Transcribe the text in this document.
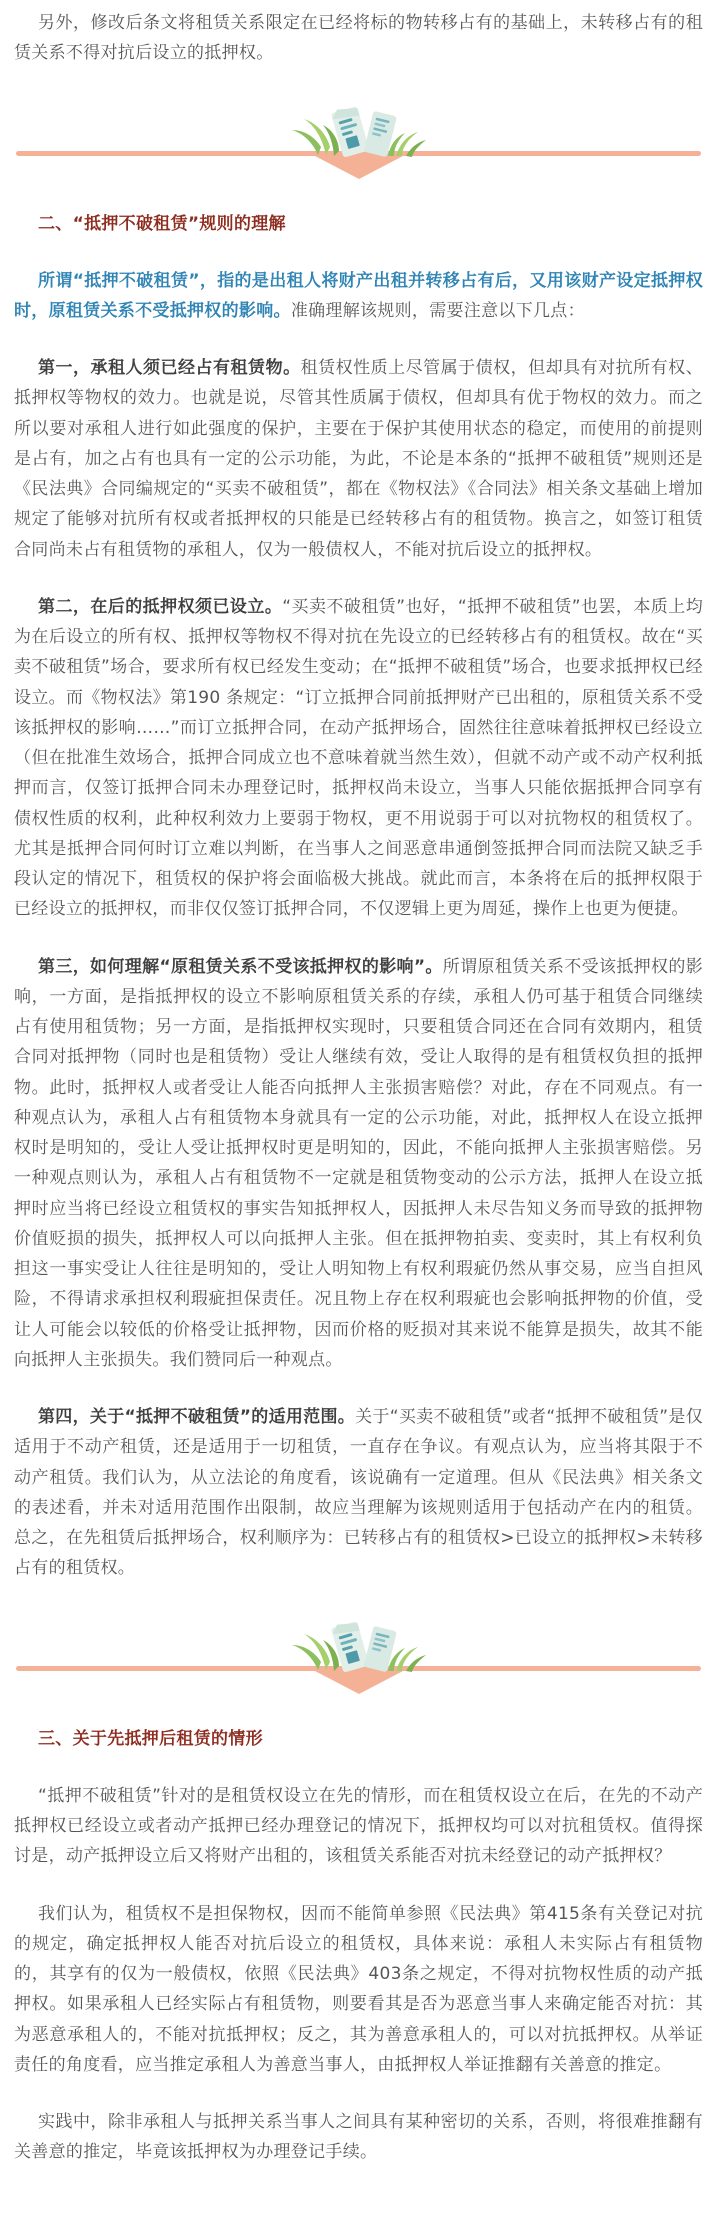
另外，修改后条文将租赁关系限定在已经将标的物转移占有的基础上，未转移占有的租赁关系不得对抗后设立的抵押权。

二、“抵押不破租赁”规则的理解

所谓“抵押不破租赁”，指的是出租人将财产出租并转移占有后，又用该财产设定抵押权时，原租赁关系不受抵押权的影响。准确理解该规则，需要注意以下几点：

第一，承租人须已经占有租赁物。租赁权性质上尽管属于债权，但却具有对抗所有权、抵押权等物权的效力。也就是说，尽管其性质属于债权，但却具有优于物权的效力。而之所以要对承租人进行如此强度的保护，主要在于保护其使用状态的稳定，而使用的前提则是占有，加之占有也具有一定的公示功能，为此，不论是本条的“抵押不破租赁”规则还是《民法典》合同编规定的“买卖不破租赁”，都在《物权法》《合同法》相关条文基础上增加规定了能够对抗所有权或者抵押权的只能是已经转移占有的租赁物。换言之，如签订租赁合同尚未占有租赁物的承租人，仅为一般债权人，不能对抗后设立的抵押权。

第二，在后的抵押权须已设立。“买卖不破租赁”也好，“抵押不破租赁”也罢，本质上均为在后设立的所有权、抵押权等物权不得对抗在先设立的已经转移占有的租赁权。故在“买卖不破租赁”场合，要求所有权已经发生变动；在“抵押不破租赁”场合，也要求抵押权已经设立。而《物权法》第190 条规定：“订立抵押合同前抵押财产已出租的，原租赁关系不受该抵押权的影响……”而订立抵押合同，在动产抵押场合，固然往往意味着抵押权已经设立（但在批准生效场合，抵押合同成立也不意味着就当然生效），但就不动产或不动产权利抵押而言，仅签订抵押合同未办理登记时，抵押权尚未设立，当事人只能依据抵押合同享有债权性质的权利，此种权利效力上要弱于物权，更不用说弱于可以对抗物权的租赁权了。尤其是抵押合同何时订立难以判断，在当事人之间恶意串通倒签抵押合同而法院又缺乏手段认定的情况下，租赁权的保护将会面临极大挑战。就此而言，本条将在后的抵押权限于已经设立的抵押权，而非仅仅签订抵押合同，不仅逻辑上更为周延，操作上也更为便捷。

第三，如何理解“原租赁关系不受该抵押权的影响”。所谓原租赁关系不受该抵押权的影响，一方面，是指抵押权的设立不影响原租赁关系的存续，承租人仍可基于租赁合同继续占有使用租赁物；另一方面，是指抵押权实现时，只要租赁合同还在合同有效期内，租赁合同对抵押物（同时也是租赁物）受让人继续有效，受让人取得的是有租赁权负担的抵押物。此时，抵押权人或者受让人能否向抵押人主张损害赔偿？对此，存在不同观点。有一种观点认为，承租人占有租赁物本身就具有一定的公示功能，对此，抵押权人在设立抵押权时是明知的，受让人受让抵押权时更是明知的，因此，不能向抵押人主张损害赔偿。另一种观点则认为，承租人占有租赁物不一定就是租赁物变动的公示方法，抵押人在设立抵押时应当将已经设立租赁权的事实告知抵押权人，因抵押人未尽告知义务而导致的抵押物价值贬损的损失，抵押权人可以向抵押人主张。但在抵押物拍卖、变卖时，其上有权利负担这一事实受让人往往是明知的，受让人明知物上有权利瑕疵仍然从事交易，应当自担风险，不得请求承担权利瑕疵担保责任。况且物上存在权利瑕疵也会影响抵押物的价值，受让人可能会以较低的价格受让抵押物，因而价格的贬损对其来说不能算是损失，故其不能向抵押人主张损失。我们赞同后一种观点。

第四，关于“抵押不破租赁”的适用范围。关于“买卖不破租赁”或者“抵押不破租赁”是仅适用于不动产租赁，还是适用于一切租赁，一直存在争议。有观点认为，应当将其限于不动产租赁。我们认为，从立法论的角度看，该说确有一定道理。但从《民法典》相关条文的表述看，并未对适用范围作出限制，故应当理解为该规则适用于包括动产在内的租赁。总之，在先租赁后抵押场合，权利顺序为：已转移占有的租赁权>已设立的抵押权>未转移占有的租赁权。

三、关于先抵押后租赁的情形

“抵押不破租赁”针对的是租赁权设立在先的情形，而在租赁权设立在后，在先的不动产抵押权已经设立或者动产抵押已经办理登记的情况下，抵押权均可以对抗租赁权。值得探讨是，动产抵押设立后又将财产出租的，该租赁关系能否对抗未经登记的动产抵押权？

我们认为，租赁权不是担保物权，因而不能简单参照《民法典》第415条有关登记对抗的规定，确定抵押权人能否对抗后设立的租赁权，具体来说：承租人未实际占有租赁物的，其享有的仅为一般债权，依照《民法典》403条之规定，不得对抗物权性质的动产抵押权。如果承租人已经实际占有租赁物，则要看其是否为恶意当事人来确定能否对抗：其为恶意承租人的，不能对抗抵押权；反之，其为善意承租人的，可以对抗抵押权。从举证责任的角度看，应当推定承租人为善意当事人，由抵押权人举证推翻有关善意的推定。

实践中，除非承租人与抵押关系当事人之间具有某种密切的关系，否则，将很难推翻有关善意的推定，毕竟该抵押权为办理登记手续。
